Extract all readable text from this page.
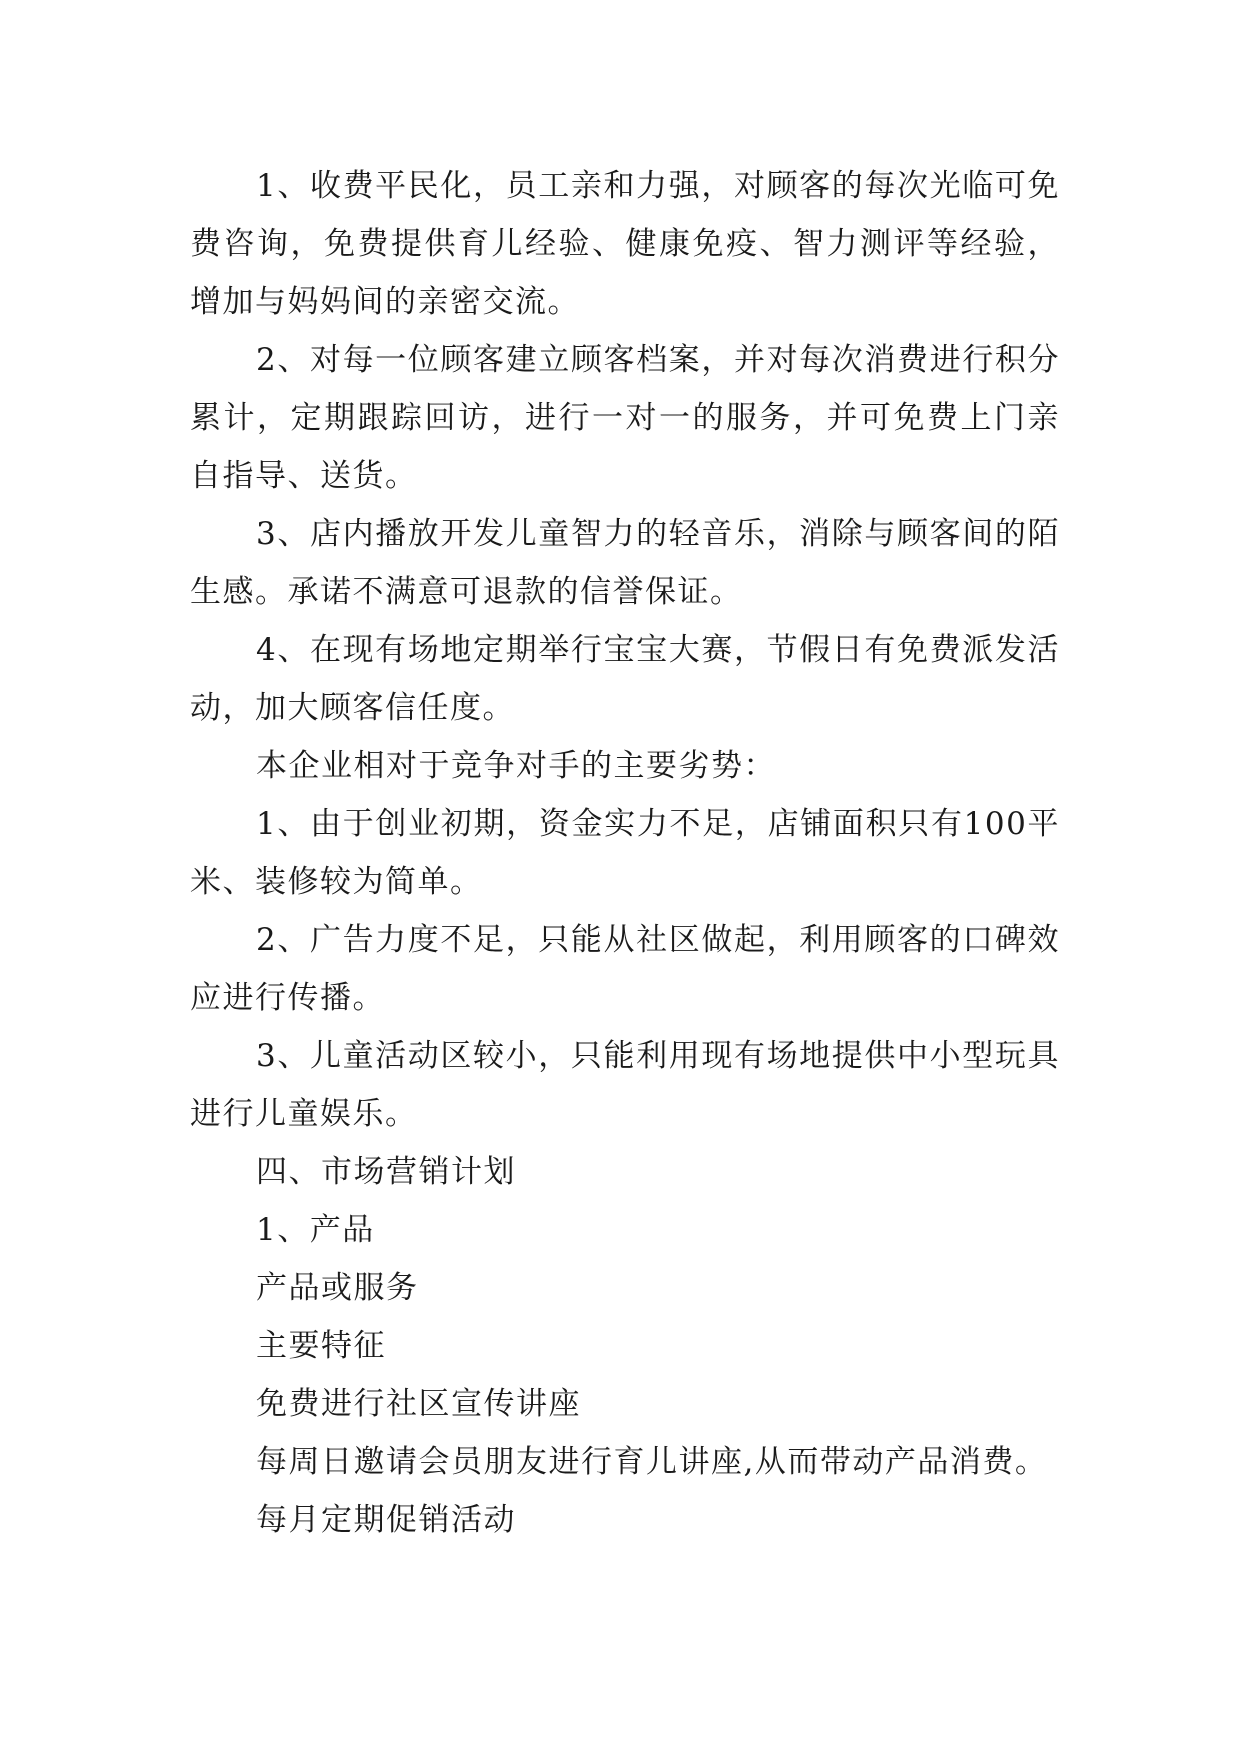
1、收费平民化，员工亲和力强，对顾客的每次光临可免费咨询，免费提供育儿经验、健康免疫、智力测评等经验，增加与妈妈间的亲密交流。

2、对每一位顾客建立顾客档案，并对每次消费进行积分累计，定期跟踪回访，进行一对一的服务，并可免费上门亲自指导、送货。

3、店内播放开发儿童智力的轻音乐，消除与顾客间的陌生感。承诺不满意可退款的信誉保证。

4、在现有场地定期举行宝宝大赛，节假日有免费派发活动，加大顾客信任度。

本企业相对于竞争对手的主要劣势：

1、由于创业初期，资金实力不足，店铺面积只有100平米、装修较为简单。

2、广告力度不足，只能从社区做起，利用顾客的口碑效应进行传播。

3、儿童活动区较小，只能利用现有场地提供中小型玩具进行儿童娱乐。

四、市场营销计划

1、产品

产品或服务

主要特征

免费进行社区宣传讲座

每周日邀请会员朋友进行育儿讲座,从而带动产品消费。

每月定期促销活动
